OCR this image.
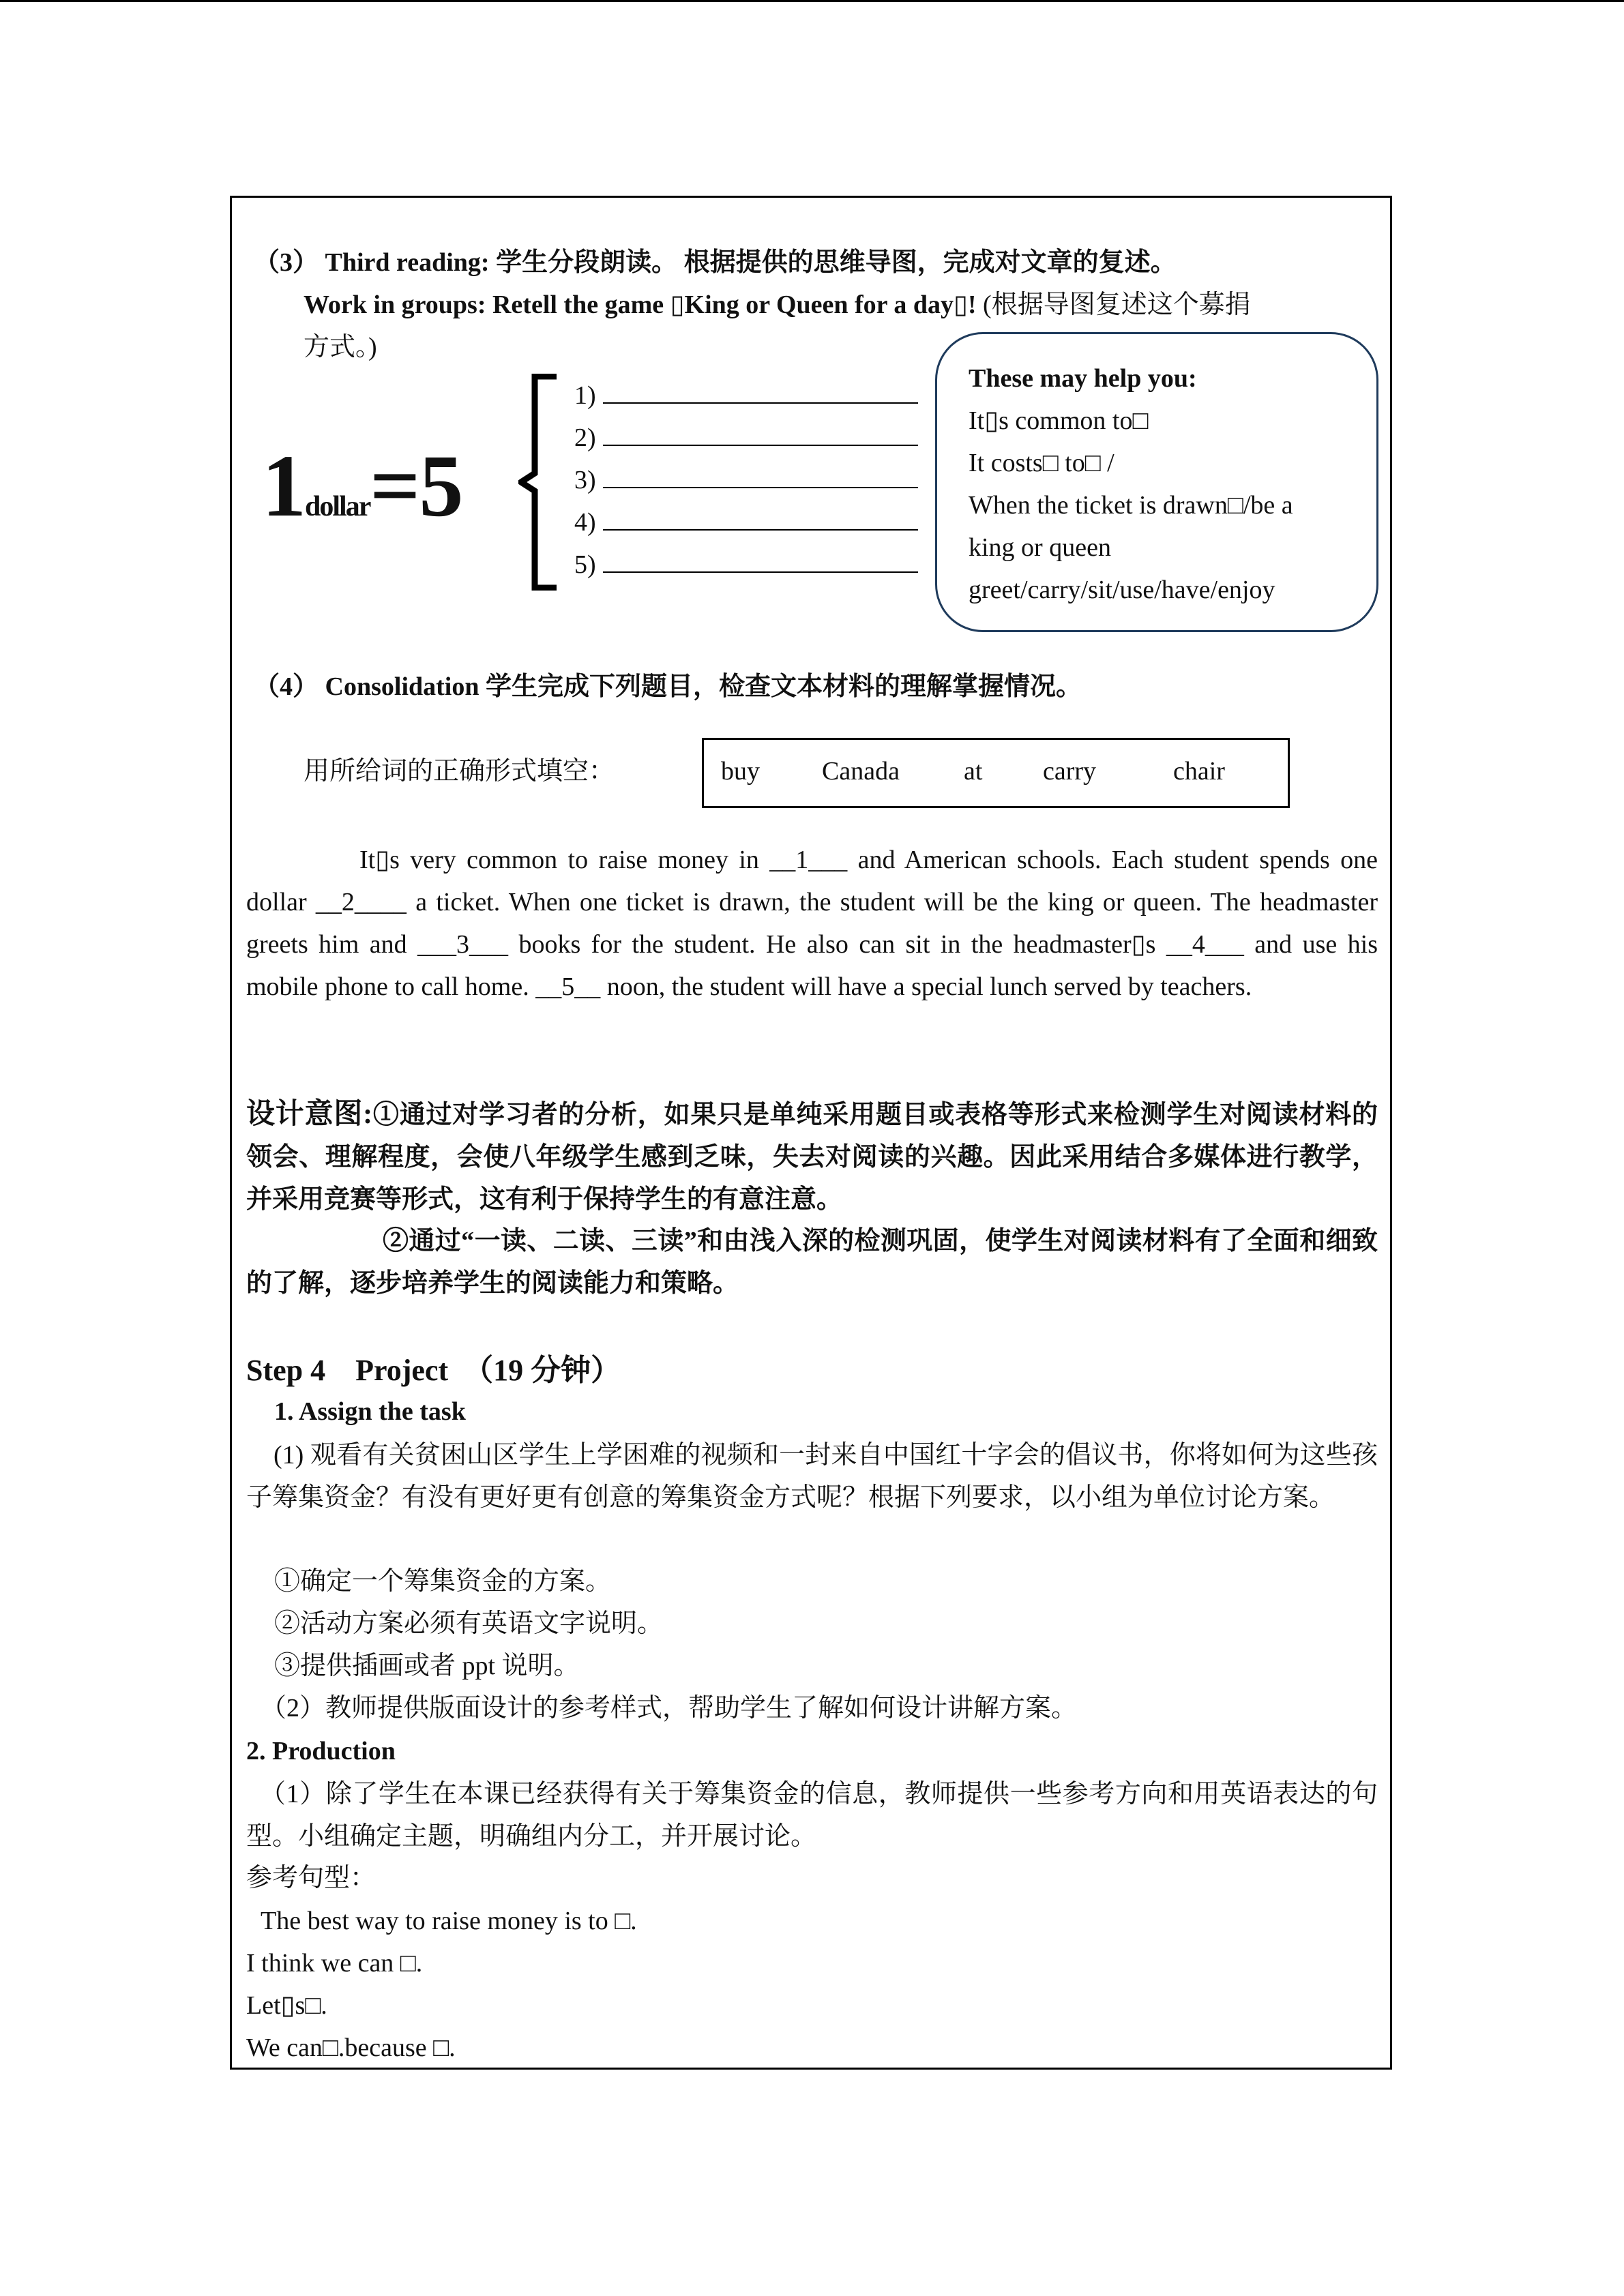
（3） Third reading: 学生分段朗读。 根据提供的思维导图，完成对文章的复述。
Work in groups: Retell the game ▯King or Queen for a day▯! (根据导图复述这个募捐
方式。)
1dollar=5
1)
2)
3)
4)
5)
These may help you:
It▯s common to□
It costs□ to□ /
When the ticket is drawn□/be a
king or queen
greet/carry/sit/use/have/enjoy
（4） Consolidation 学生完成下列题目，检查文本材料的理解掌握情况。
用所给词的正确形式填空：	buy Canada at carry	chair
It▯s very common to raise money in __1___ and American schools. Each student spends one dollar __2____ a ticket. When one ticket is drawn, the student will be the king or queen. The headmaster greets him and ___3___ books for the student. He also can sit in the headmaster▯s __4___ and use his mobile phone to call home. __5__ noon, the student will have a special lunch served by teachers.
设计意图:①通过对学习者的分析，如果只是单纯采用题目或表格等形式来检测学生对阅读材料的领会、理解程度，会使八年级学生感到乏味，失去对阅读的兴趣。因此采用结合多媒体进行教学，并采用竞赛等形式，这有利于保持学生的有意注意。
②通过“一读、二读、三读”和由浅入深的检测巩固，使学生对阅读材料有了全面和细致的了解，逐步培养学生的阅读能力和策略。
Step 4    Project  （19 分钟）
1. Assign the task
(1) 观看有关贫困山区学生上学困难的视频和一封来自中国红十字会的倡议书，你将如何为这些孩子筹集资金？有没有更好更有创意的筹集资金方式呢？根据下列要求，以小组为单位讨论方案。
①确定一个筹集资金的方案。
②活动方案必须有英语文字说明。
③提供插画或者 ppt 说明。
（2）教师提供版面设计的参考样式，帮助学生了解如何设计讲解方案。
2. Production
（1）除了学生在本课已经获得有关于筹集资金的信息，教师提供一些参考方向和用英语表达的句型。小组确定主题，明确组内分工，并开展讨论。
参考句型：
The best way to raise money is to □.
I think we can □.
Let▯s□.
We can□.because □.
